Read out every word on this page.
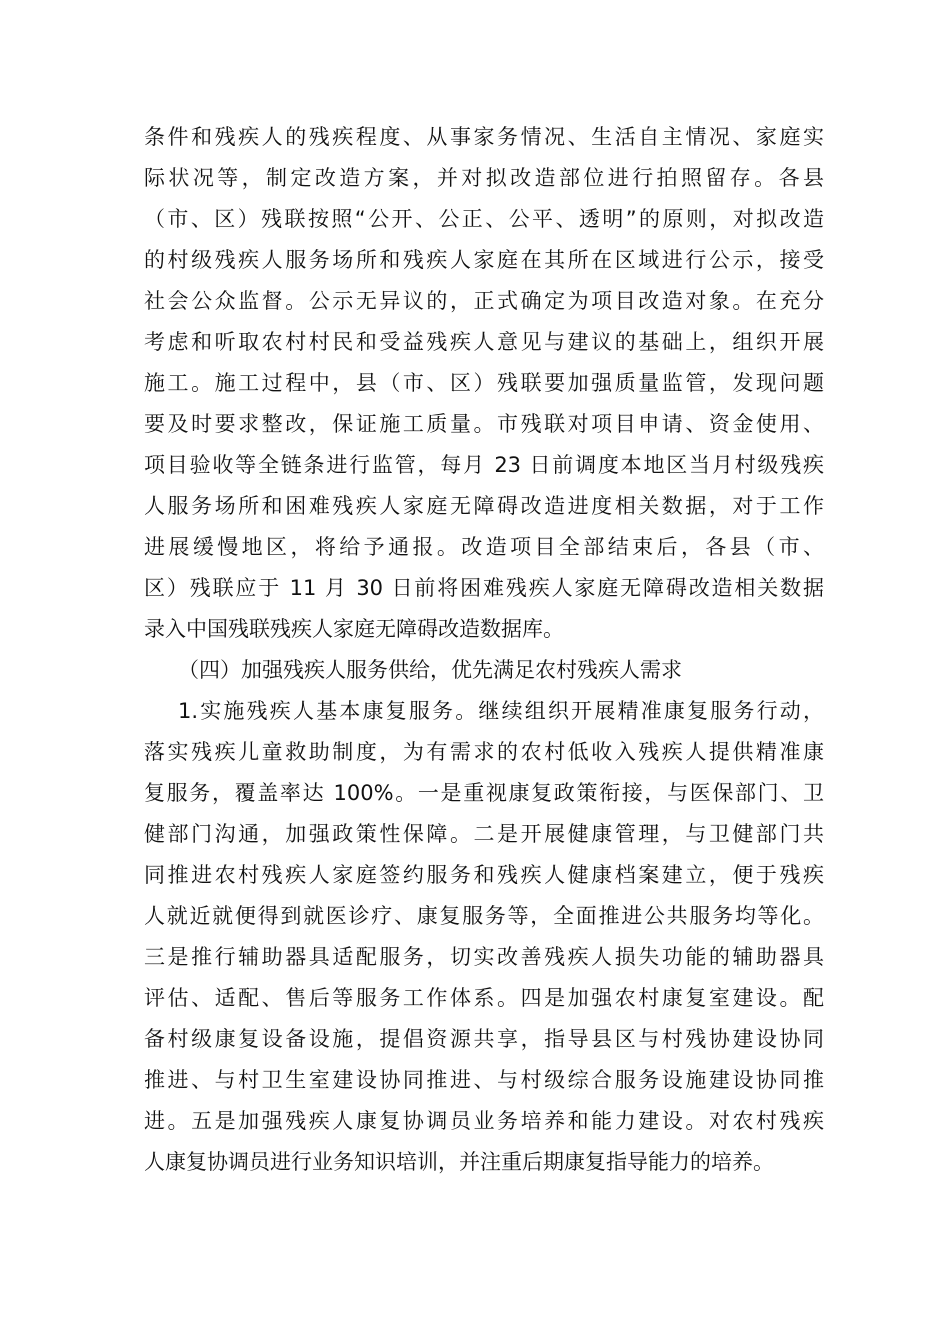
条件和残疾人的残疾程度、从事家务情况、生活自主情况、家庭实
际状况等，制定改造方案，并对拟改造部位进行拍照留存。各县
（市、区）残联按照“公开、公正、公平、透明”的原则，对拟改造
的村级残疾人服务场所和残疾人家庭在其所在区域进行公示，接受
社会公众监督。公示无异议的，正式确定为项目改造对象。在充分
考虑和听取农村村民和受益残疾人意见与建议的基础上，组织开展
施工。施工过程中，县（市、区）残联要加强质量监管，发现问题
要及时要求整改，保证施工质量。市残联对项目申请、资金使用、
项目验收等全链条进行监管，每月 23 日前调度本地区当月村级残疾
人服务场所和困难残疾人家庭无障碍改造进度相关数据，对于工作
进展缓慢地区，将给予通报。改造项目全部结束后，各县（市、
区）残联应于 11 月 30 日前将困难残疾人家庭无障碍改造相关数据
录入中国残联残疾人家庭无障碍改造数据库。
（四）加强残疾人服务供给，优先满足农村残疾人需求
1.实施残疾人基本康复服务。继续组织开展精准康复服务行动，
落实残疾儿童救助制度，为有需求的农村低收入残疾人提供精准康
复服务，覆盖率达 100%。一是重视康复政策衔接，与医保部门、卫
健部门沟通，加强政策性保障。二是开展健康管理，与卫健部门共
同推进农村残疾人家庭签约服务和残疾人健康档案建立，便于残疾
人就近就便得到就医诊疗、康复服务等，全面推进公共服务均等化。
三是推行辅助器具适配服务，切实改善残疾人损失功能的辅助器具
评估、适配、售后等服务工作体系。四是加强农村康复室建设。配
备村级康复设备设施，提倡资源共享，指导县区与村残协建设协同
推进、与村卫生室建设协同推进、与村级综合服务设施建设协同推
进。五是加强残疾人康复协调员业务培养和能力建设。对农村残疾
人康复协调员进行业务知识培训，并注重后期康复指导能力的培养。
